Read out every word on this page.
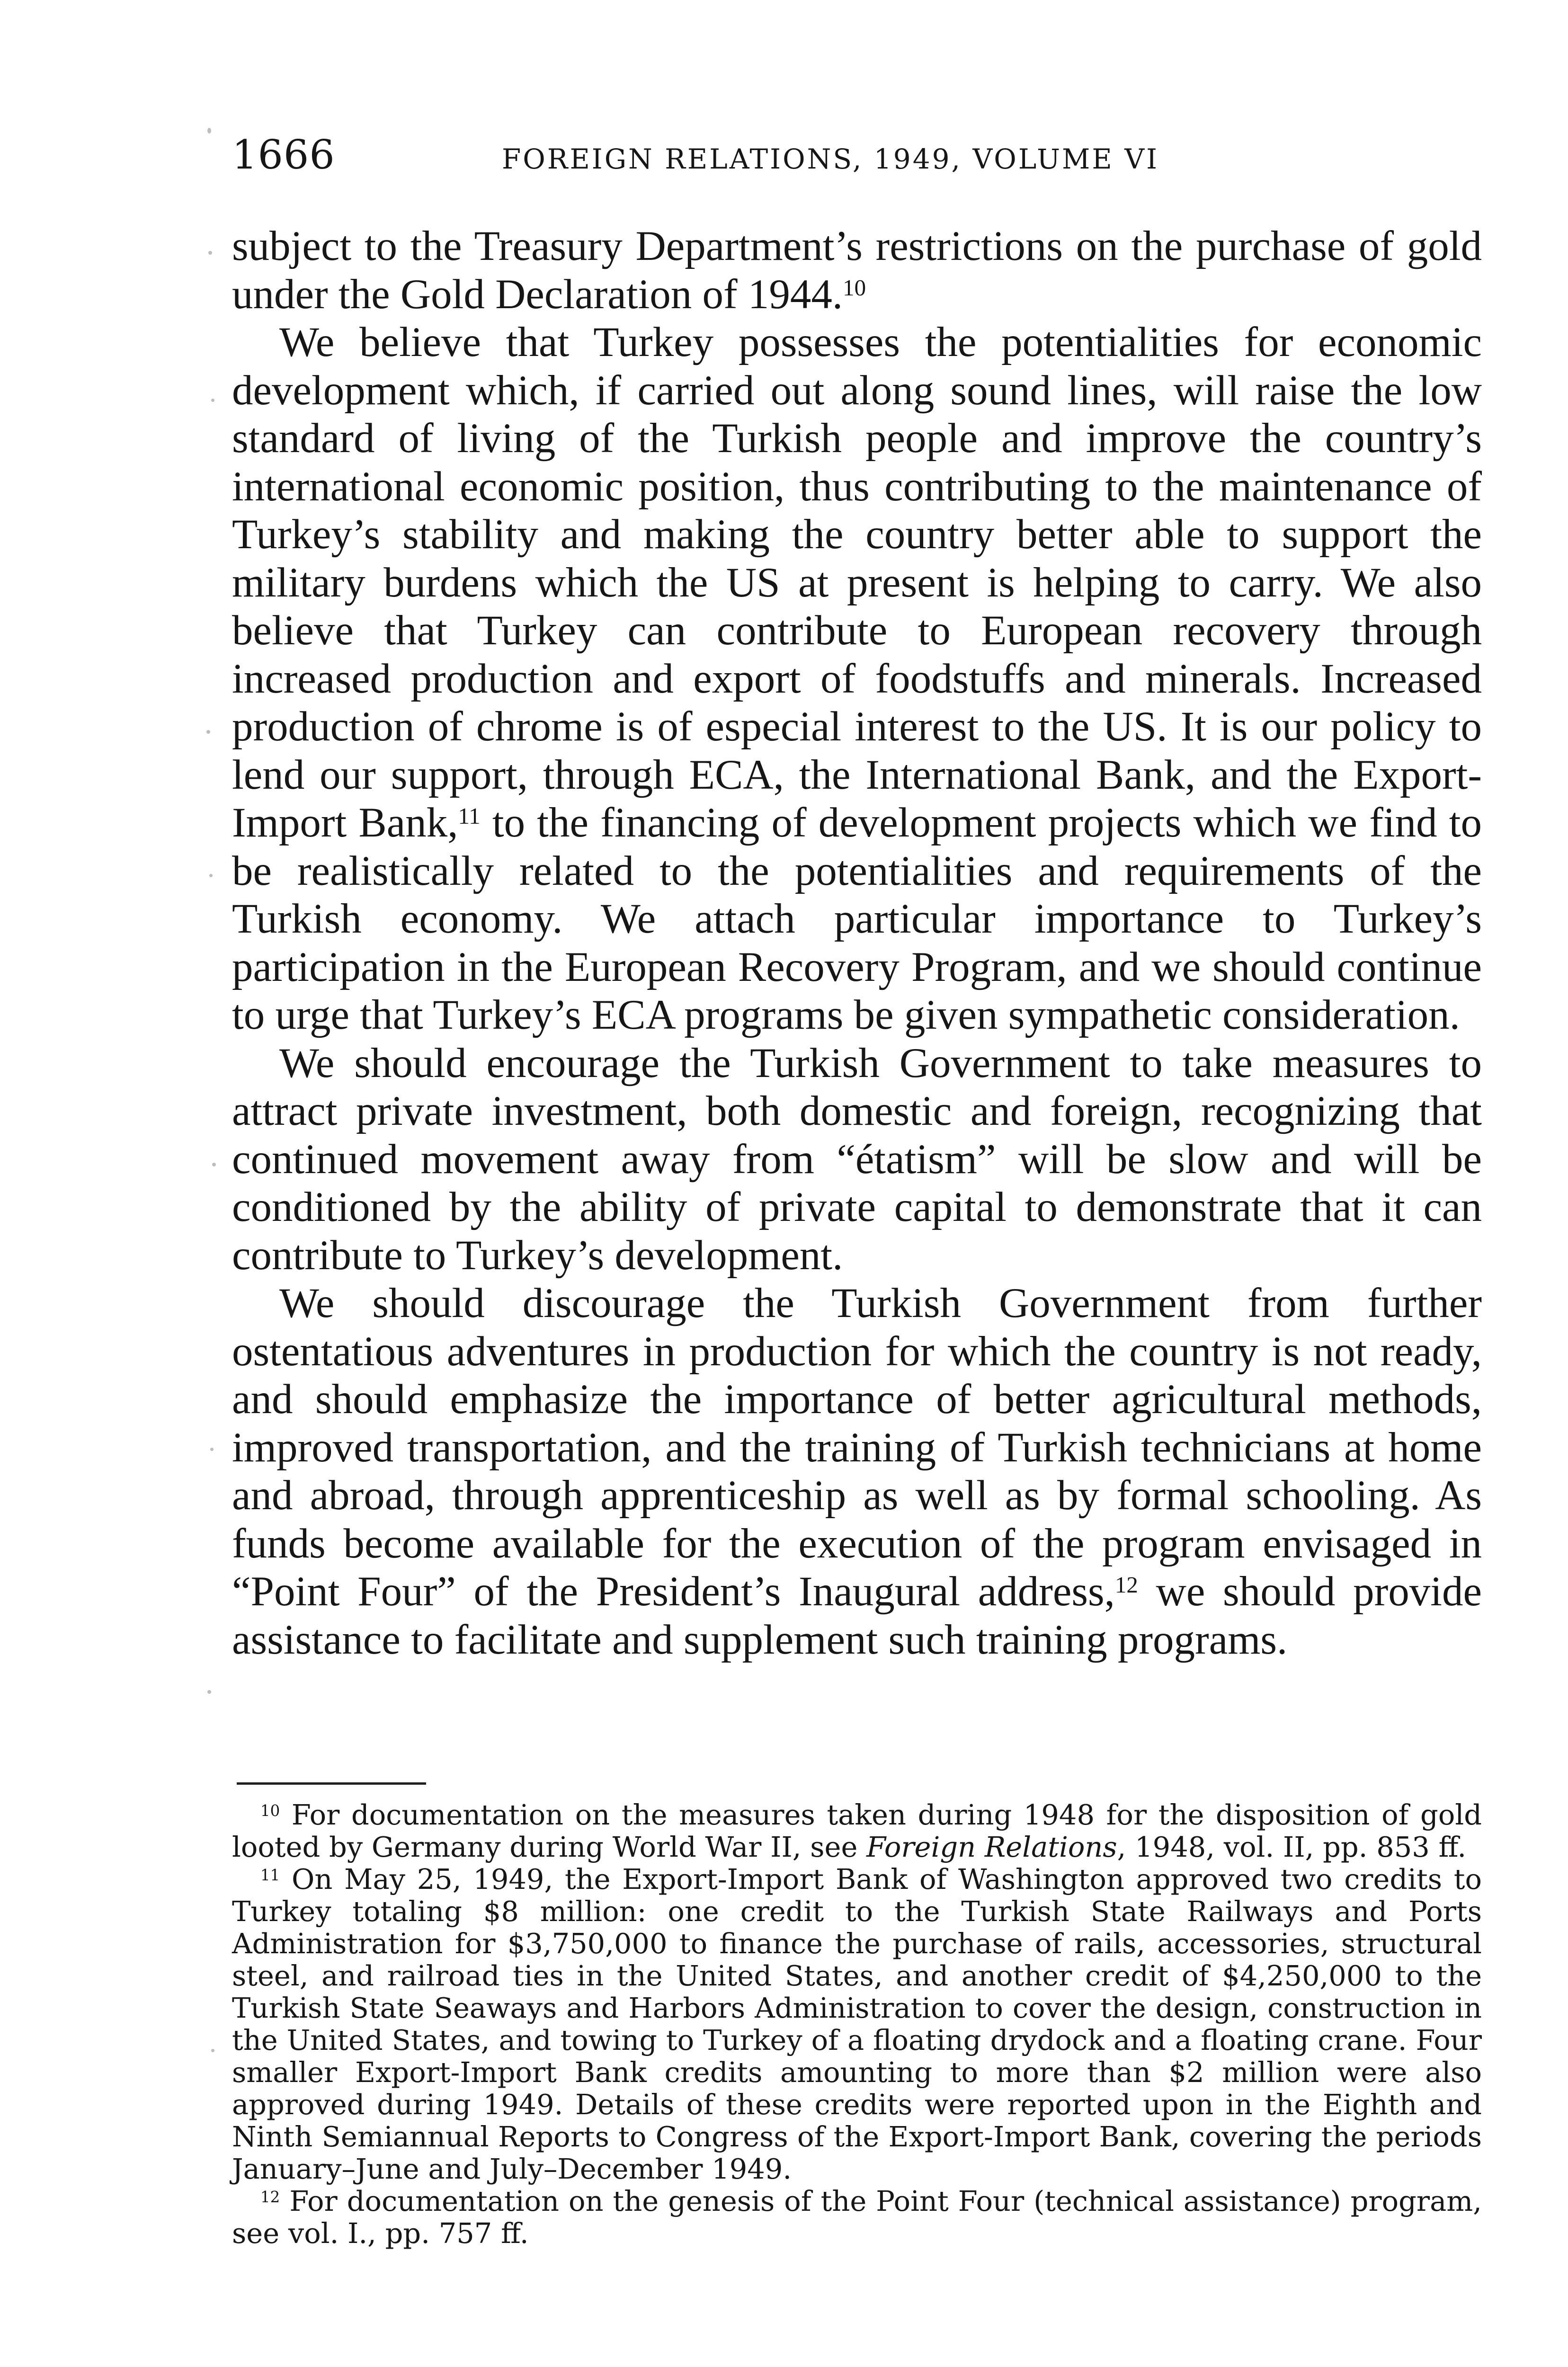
1666	FOREIGN RELATIONS, 1949, VOLUME VI

subject to the Treasury Department’s restrictions on the purchase of gold under the Gold Declaration of 1944.10

We believe that Turkey possesses the potentialities for economic development which, if carried out along sound lines, will raise the low standard of living of the Turkish people and improve the country’s international economic position, thus contributing to the maintenance of Turkey’s stability and making the country better able to support the military burdens which the US at present is helping to carry. We also believe that Turkey can contribute to European recovery through increased production and export of foodstuffs and minerals. Increased production of chrome is of especial interest to the US. It is our policy to lend our support, through ECA, the International Bank, and the Export-Import Bank,$^{11}$ to the financing of development projects which we find to be realistically related to the potentialities and requirements of the Turkish economy. We attach particular importance to Turkey’s participation in the European Recovery Program, and we should continue to urge that Turkey’s ECA programs be given sympathetic consideration.

We should encourage the Turkish Government to take measures to attract private investment, both domestic and foreign, recognizing that continued movement away from “étatism” will be slow and will be conditioned by the ability of private capital to demonstrate that it can contribute to Turkey’s development.

We should discourage the Turkish Government from further ostentatious adventures in production for which the country is not ready, and should emphasize the importance of better agricultural methods, improved transportation, and the training of Turkish technicians at home and abroad, through apprenticeship as well as by formal schooling. As funds become available for the execution of the program envisaged in “Point Four” of the President’s Inaugural address,$^{12}$ we should provide assistance to facilitate and supplement such training programs.

$^{10}$ For documentation on the measures taken during 1948 for the disposition of gold looted by Germany during World War II, see Foreign Relations, 1948, vol. II, pp. 853 ff.

$^{11}$ On May 25, 1949, the Export-Import Bank of Washington approved two credits to Turkey totaling $8 million: one credit to the Turkish State Railways and Ports Administration for $3,750,000 to finance the purchase of rails, accessories, structural steel, and railroad ties in the United States, and another credit of $4,250,000 to the Turkish State Seaways and Harbors Administration to cover the design, construction in the United States, and towing to Turkey of a floating drydock and a floating crane. Four smaller Export-Import Bank credits amounting to more than $2 million were also approved during 1949. Details of these credits were reported upon in the Eighth and Ninth Semiannual Reports to Congress of the Export-Import Bank, covering the periods January–June and July–December 1949.

$^{12}$ For documentation on the genesis of the Point Four (technical assistance) program, see vol. I., pp. 757 ff.
